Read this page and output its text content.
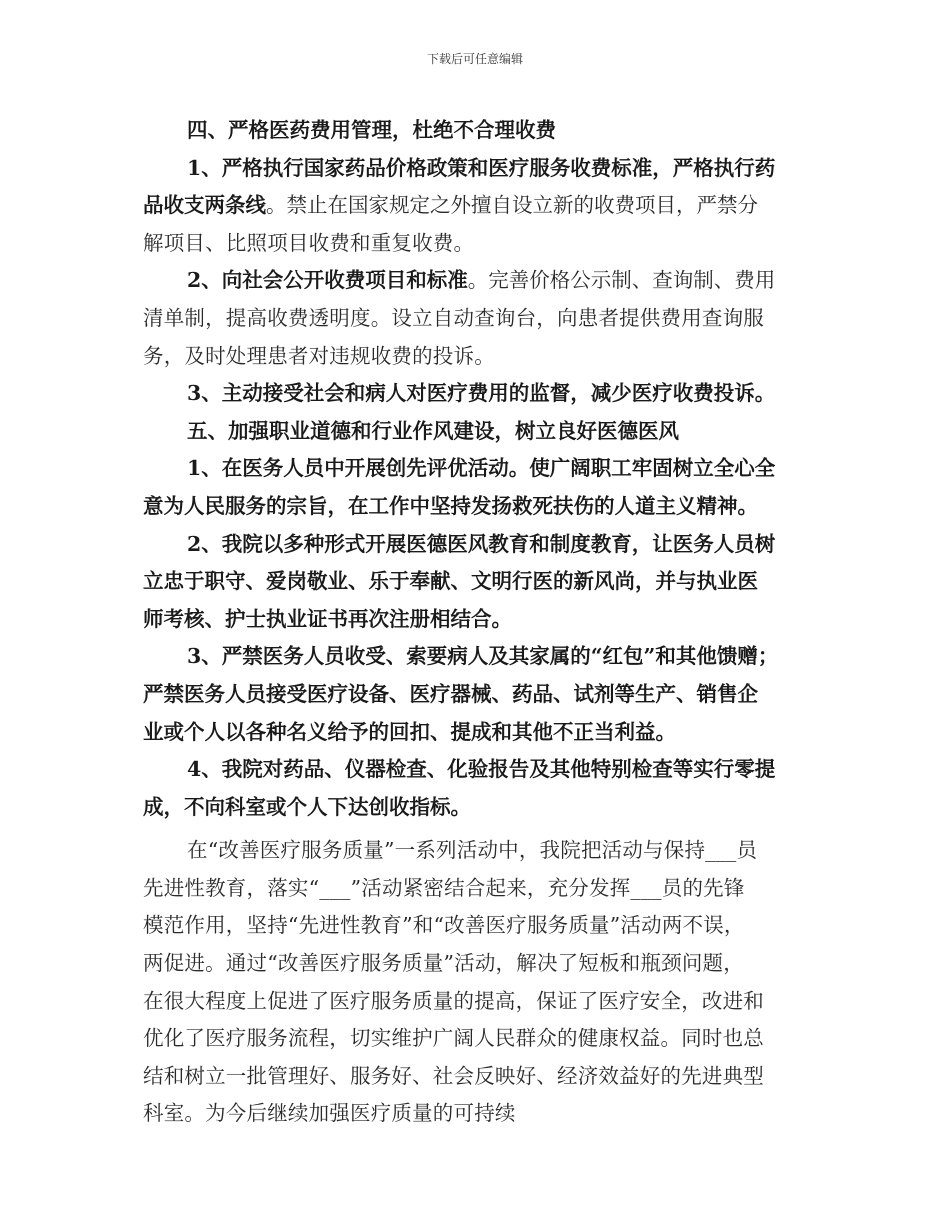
下载后可任意编辑
四、严格医药费用管理，杜绝不合理收费
1、严格执行国家药品价格政策和医疗服务收费标准，严格执行药
品收支两条线。禁止在国家规定之外擅自设立新的收费项目，严禁分
解项目、比照项目收费和重复收费。
2、向社会公开收费项目和标准。完善价格公示制、查询制、费用
清单制，提高收费透明度。设立自动查询台，向患者提供费用查询服
务，及时处理患者对违规收费的投诉。
3、主动接受社会和病人对医疗费用的监督，减少医疗收费投诉。
五、加强职业道德和行业作风建设，树立良好医德医风
1、在医务人员中开展创先评优活动。使广阔职工牢固树立全心全
意为人民服务的宗旨，在工作中坚持发扬救死扶伤的人道主义精神。
2、我院以多种形式开展医德医风教育和制度教育，让医务人员树
立忠于职守、爱岗敬业、乐于奉献、文明行医的新风尚，并与执业医
师考核、护士执业证书再次注册相结合。
3、严禁医务人员收受、索要病人及其家属的“红包”和其他馈赠；
严禁医务人员接受医疗设备、医疗器械、药品、试剂等生产、销售企
业或个人以各种名义给予的回扣、提成和其他不正当利益。
4、我院对药品、仪器检查、化验报告及其他特别检查等实行零提
成，不向科室或个人下达创收指标。
在“改善医疗服务质量”一系列活动中，我院把活动与保持___员
先进性教育，落实“___”活动紧密结合起来，充分发挥___员的先锋
模范作用，坚持“先进性教育”和“改善医疗服务质量”活动两不误，
两促进。通过“改善医疗服务质量”活动，解决了短板和瓶颈问题，
在很大程度上促进了医疗服务质量的提高，保证了医疗安全，改进和
优化了医疗服务流程，切实维护广阔人民群众的健康权益。同时也总
结和树立一批管理好、服务好、社会反映好、经济效益好的先进典型
科室。为今后继续加强医疗质量的可持续
